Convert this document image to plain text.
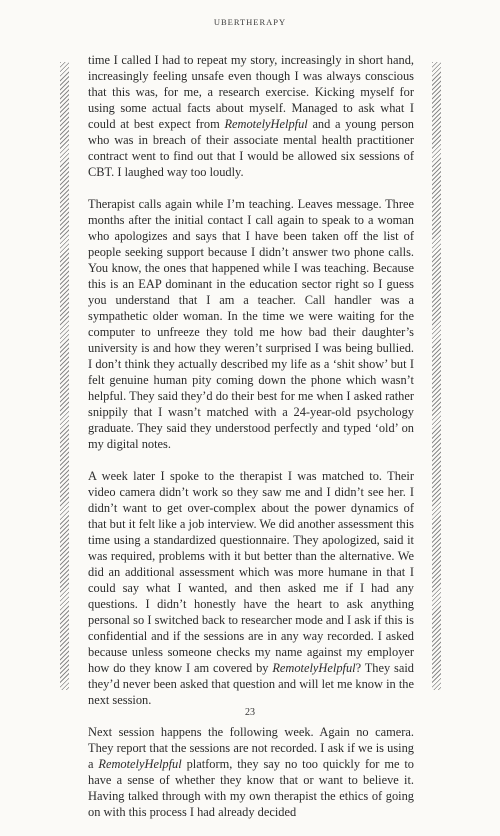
UBERTHERAPY

time I called I had to repeat my story, increasingly in short hand, increasingly feeling unsafe even though I was always conscious that this was, for me, a research exercise. Kicking myself for using some actual facts about myself. Managed to ask what I could at best expect from RemotelyHelpful and a young person who was in breach of their associate mental health practitioner contract went to find out that I would be allowed six sessions of CBT. I laughed way too loudly.

Therapist calls again while I’m teaching. Leaves message. Three months after the initial contact I call again to speak to a woman who apologizes and says that I have been taken off the list of people seeking support because I didn’t answer two phone calls. You know, the ones that happened while I was teaching. Because this is an EAP dominant in the education sector right so I guess you understand that I am a teacher. Call handler was a sympathetic older woman. In the time we were waiting for the computer to unfreeze they told me how bad their daughter’s university is and how they weren’t surprised I was being bullied. I don’t think they actually described my life as a ‘shit show’ but I felt genuine human pity coming down the phone which wasn’t helpful. They said they’d do their best for me when I asked rather snippily that I wasn’t matched with a 24-year-old psychology graduate. They said they understood perfectly and typed ‘old’ on my digital notes.

A week later I spoke to the therapist I was matched to. Their video camera didn’t work so they saw me and I didn’t see her. I didn’t want to get over-complex about the power dynamics of that but it felt like a job interview. We did another assessment this time using a standardized questionnaire. They apologized, said it was required, problems with it but better than the alternative. We did an additional assessment which was more humane in that I could say what I wanted, and then asked me if I had any questions. I didn’t honestly have the heart to ask anything personal so I switched back to researcher mode and I ask if this is confidential and if the sessions are in any way recorded. I asked because unless someone checks my name against my employer how do they know I am covered by RemotelyHelpful? They said they’d never been asked that question and will let me know in the next session.

Next session happens the following week. Again no camera. They report that the sessions are not recorded. I ask if we is using a RemotelyHelpful platform, they say no too quickly for me to have a sense of whether they know that or want to believe it. Having talked through with my own therapist the ethics of going on with this process I had already decided

23
